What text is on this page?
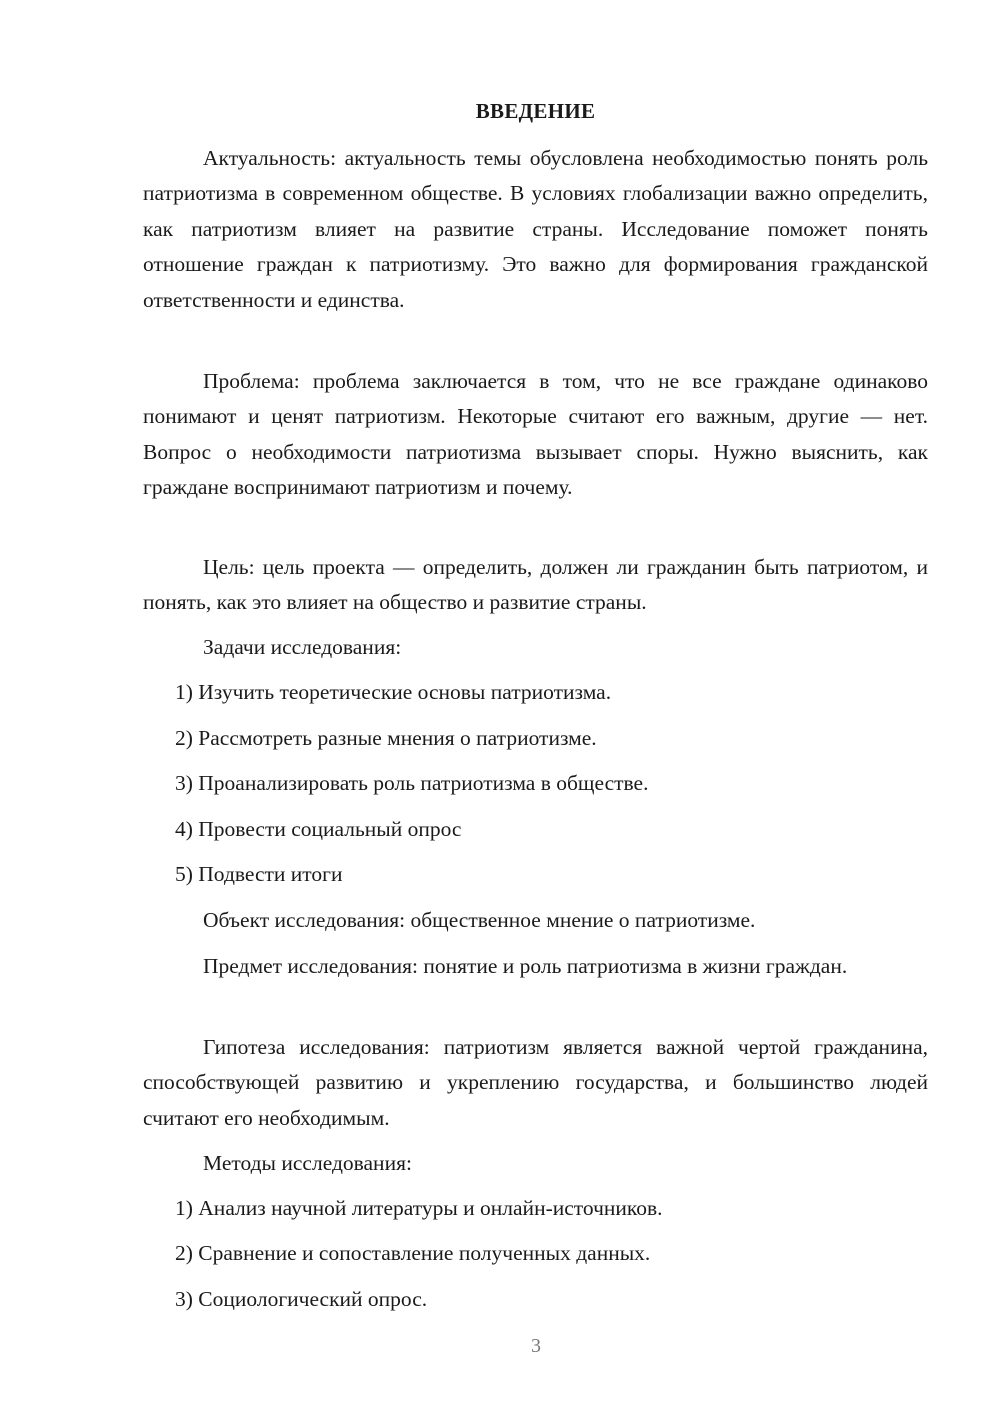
ВВЕДЕНИЕ

Актуальность: актуальность темы обусловлена необходимостью понять роль патриотизма в современном обществе. В условиях глобализации важно определить, как патриотизм влияет на развитие страны. Исследование поможет понять отношение граждан к патриотизму. Это важно для формирования гражданской ответственности и единства.

Проблема: проблема заключается в том, что не все граждане одинаково понимают и ценят патриотизм. Некоторые считают его важным, другие — нет. Вопрос о необходимости патриотизма вызывает споры. Нужно выяснить, как граждане воспринимают патриотизм и почему.

Цель: цель проекта — определить, должен ли гражданин быть патриотом, и понять, как это влияет на общество и развитие страны.

Задачи исследования:
1) Изучить теоретические основы патриотизма.
2) Рассмотреть разные мнения о патриотизме.
3) Проанализировать роль патриотизма в обществе.
4) Провести социальный опрос
5) Подвести итоги

Объект исследования: общественное мнение о патриотизме.

Предмет исследования: понятие и роль патриотизма в жизни граждан.

Гипотеза исследования: патриотизм является важной чертой гражданина, способствующей развитию и укреплению государства, и большинство людей считают его необходимым.

Методы исследования:
1) Анализ научной литературы и онлайн-источников.
2) Сравнение и сопоставление полученных данных.
3) Социологический опрос.
3
